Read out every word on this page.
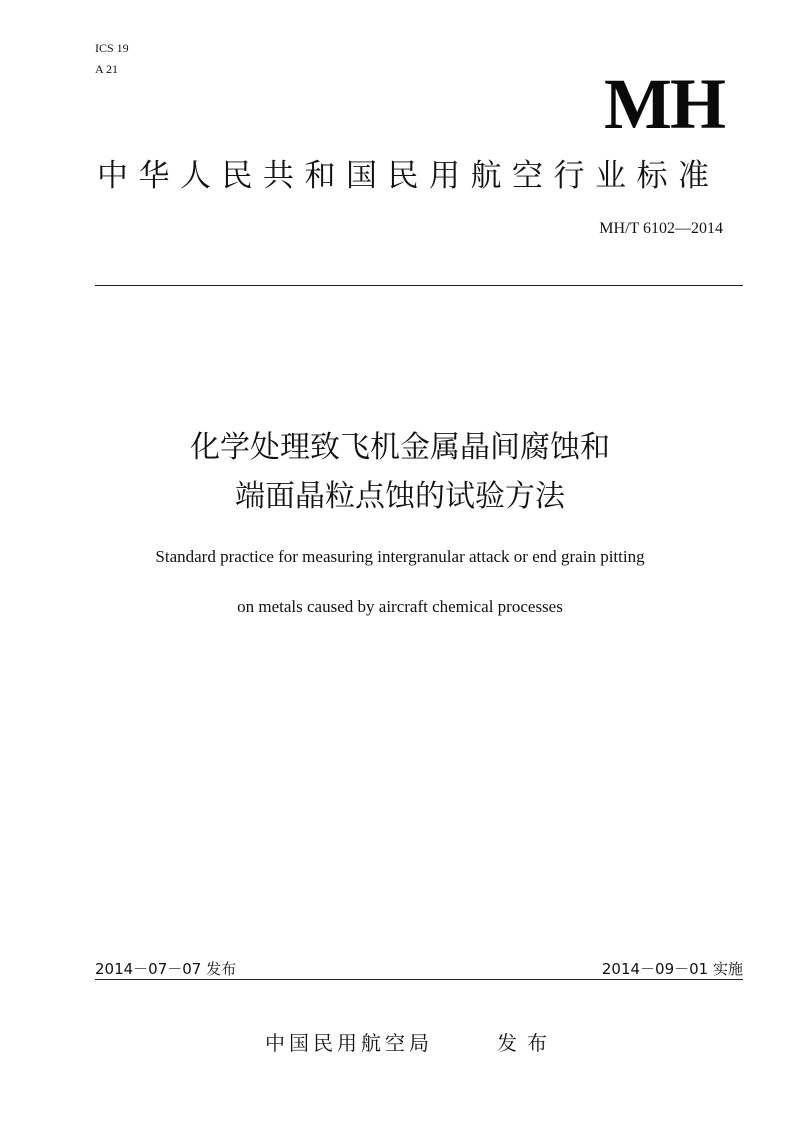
ICS 19
A 21	MH
中华人民共和国民用航空行业标准
MH/T 6102—2014
化学处理致飞机金属晶间腐蚀和
端面晶粒点蚀的试验方法
Standard practice for measuring intergranular attack or end grain pitting
on metals caused by aircraft chemical processes
2014－07－07 发布	2014－09－01 实施
中国民用航空局	发布
